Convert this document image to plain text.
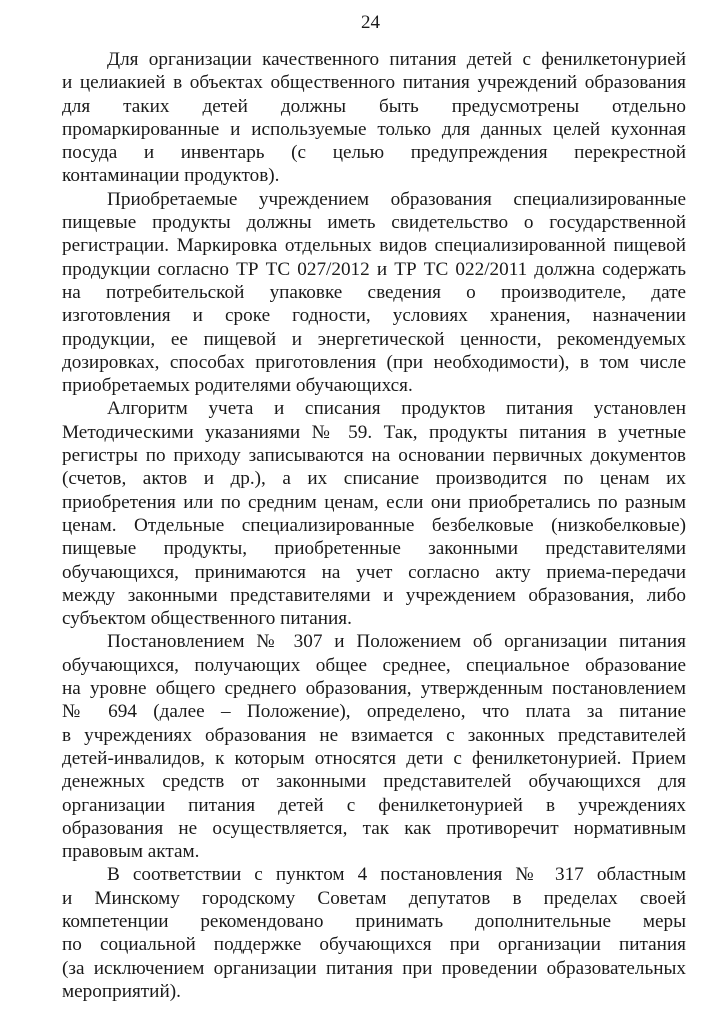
24
Для организации качественного питания детей с фенилкетонурией
и целиакией в объектах общественного питания учреждений образования
для таких детей должны быть предусмотрены отдельно
промаркированные и используемые только для данных целей кухонная
посуда и инвентарь (с целью предупреждения перекрестной
контаминации продуктов).
Приобретаемые учреждением образования специализированные
пищевые продукты должны иметь свидетельство о государственной
регистрации. Маркировка отдельных видов специализированной пищевой
продукции согласно ТР ТС 027/2012 и ТР ТС 022/2011 должна содержать
на потребительской упаковке сведения о производителе, дате
изготовления и сроке годности, условиях хранения, назначении
продукции, ее пищевой и энергетической ценности, рекомендуемых
дозировках, способах приготовления (при необходимости), в том числе
приобретаемых родителями обучающихся.
Алгоритм учета и списания продуктов питания установлен
Методическими указаниями № 59. Так, продукты питания в учетные
регистры по приходу записываются на основании первичных документов
(счетов, актов и др.), а их списание производится по ценам их
приобретения или по средним ценам, если они приобретались по разным
ценам. Отдельные специализированные безбелковые (низкобелковые)
пищевые продукты, приобретенные законными представителями
обучающихся, принимаются на учет согласно акту приема-передачи
между законными представителями и учреждением образования, либо
субъектом общественного питания.
Постановлением № 307 и Положением об организации питания
обучающихся, получающих общее среднее, специальное образование
на уровне общего среднего образования, утвержденным постановлением
№ 694 (далее – Положение), определено, что плата за питание
в учреждениях образования не взимается с законных представителей
детей-инвалидов, к которым относятся дети с фенилкетонурией. Прием
денежных средств от законными представителей обучающихся для
организации питания детей с фенилкетонурией в учреждениях
образования не осуществляется, так как противоречит нормативным
правовым актам.
В соответствии с пунктом 4 постановления № 317 областным
и Минскому городскому Советам депутатов в пределах своей
компетенции рекомендовано принимать дополнительные меры
по социальной поддержке обучающихся при организации питания
(за исключением организации питания при проведении образовательных
мероприятий).
